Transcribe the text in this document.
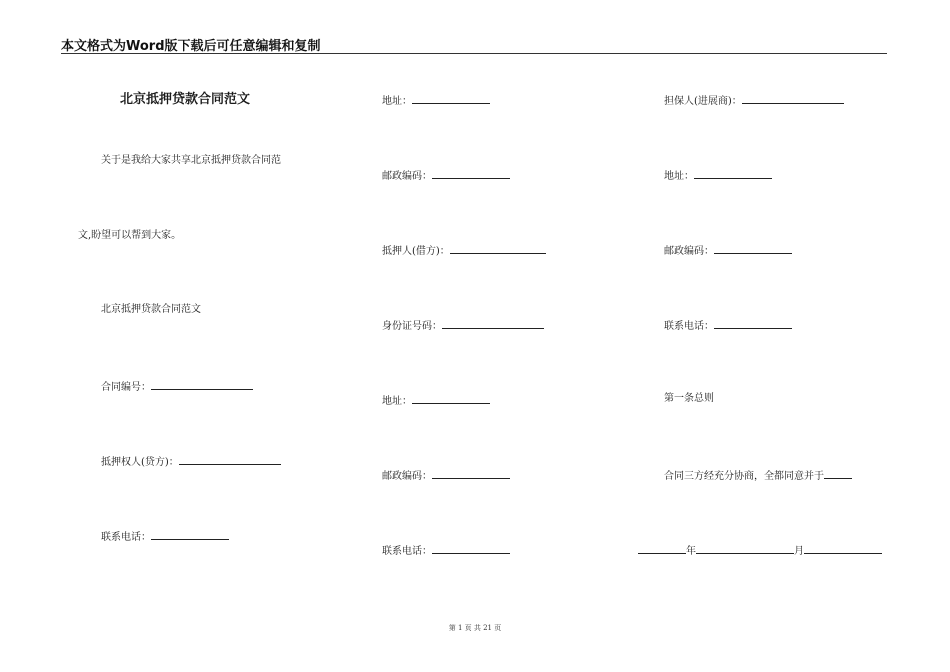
本文格式为Word版下载后可任意编辑和复制
北京抵押贷款合同范文
关于是我给大家共享北京抵押贷款合同范
文,盼望可以帮到大家。
北京抵押贷款合同范文
合同编号：
抵押权人(贷方)：
联系电话：
地址：
邮政编码：
抵押人(借方)：
身份证号码：
地址：
邮政编码：
联系电话：
担保人(进展商)：
地址：
邮政编码：
联系电话：
第一条总则
合同三方经充分协商，全都同意并于
年	月
第 1 页 共 21 页
